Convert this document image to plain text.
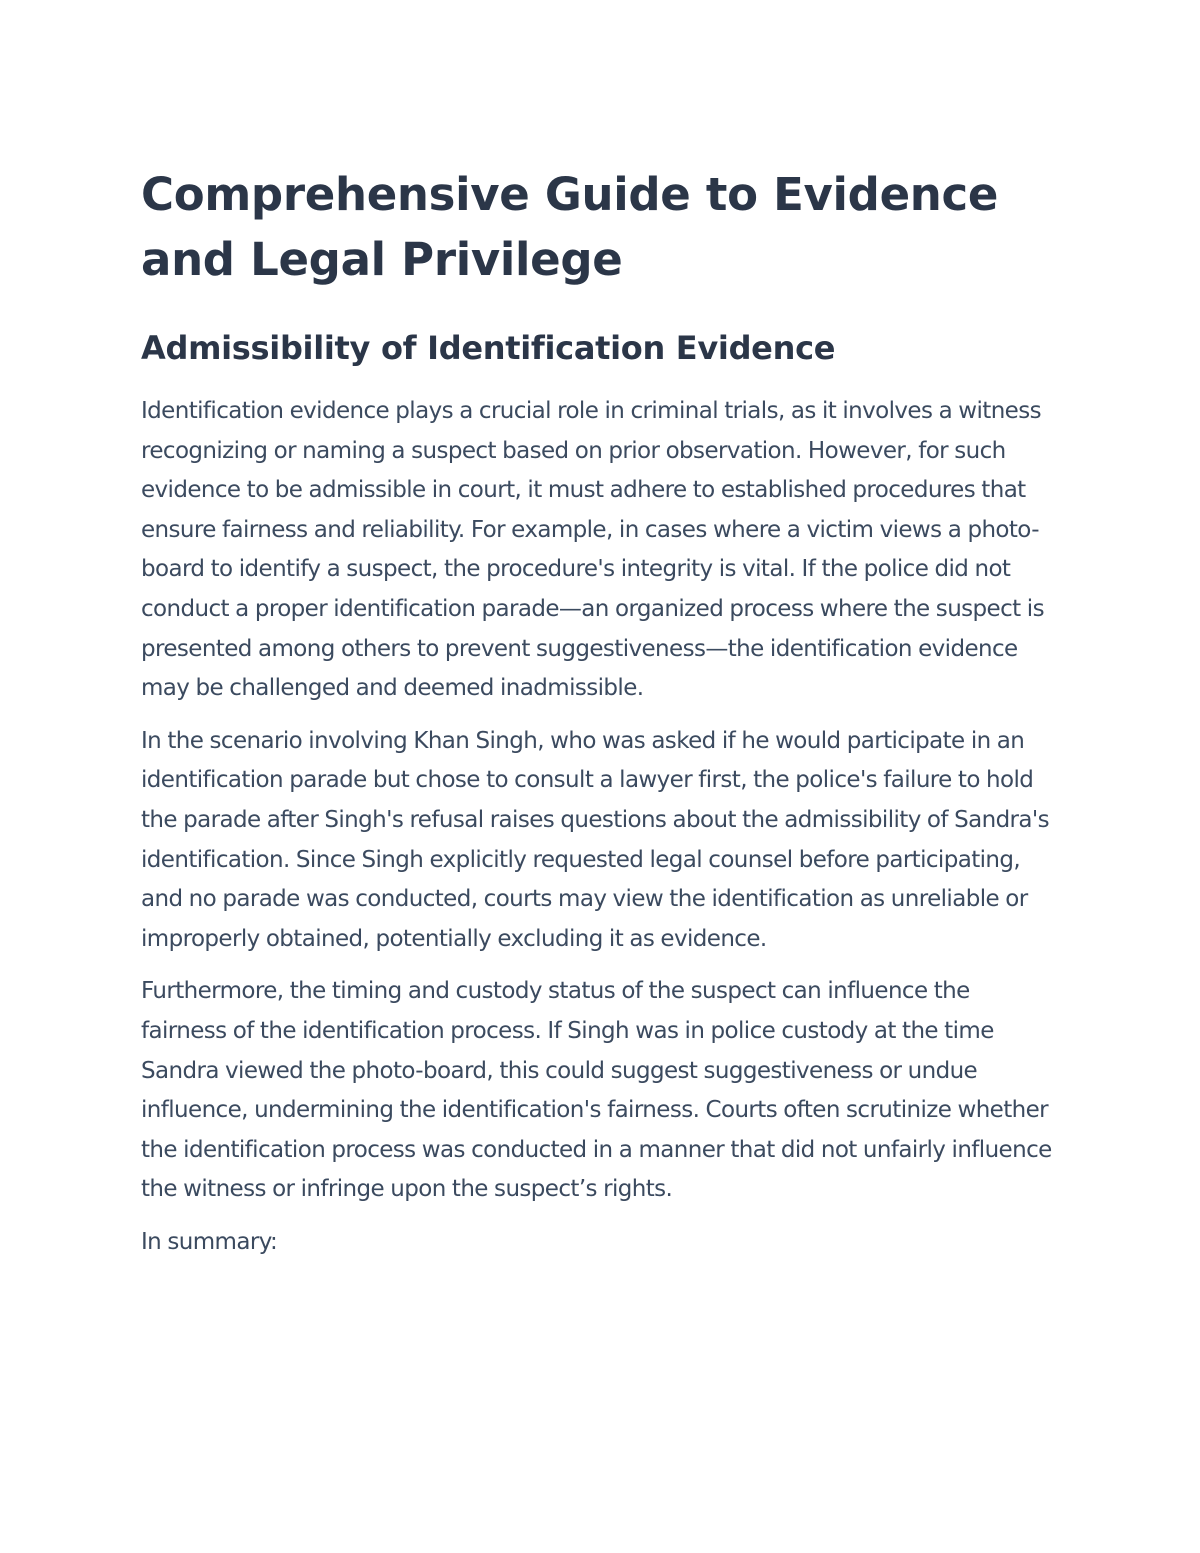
Comprehensive Guide to Evidence and Legal Privilege
Admissibility of Identification Evidence

Identification evidence plays a crucial role in criminal trials, as it involves a witness recognizing or naming a suspect based on prior observation. However, for such evidence to be admissible in court, it must adhere to established procedures that ensure fairness and reliability. For example, in cases where a victim views a photo-board to identify a suspect, the procedure's integrity is vital. If the police did not conduct a proper identification parade—an organized process where the suspect is presented among others to prevent suggestiveness—the identification evidence may be challenged and deemed inadmissible.

In the scenario involving Khan Singh, who was asked if he would participate in an identification parade but chose to consult a lawyer first, the police's failure to hold the parade after Singh's refusal raises questions about the admissibility of Sandra's identification. Since Singh explicitly requested legal counsel before participating, and no parade was conducted, courts may view the identification as unreliable or improperly obtained, potentially excluding it as evidence.

Furthermore, the timing and custody status of the suspect can influence the fairness of the identification process. If Singh was in police custody at the time Sandra viewed the photo-board, this could suggest suggestiveness or undue influence, undermining the identification's fairness. Courts often scrutinize whether the identification process was conducted in a manner that did not unfairly influence the witness or infringe upon the suspect’s rights.

In summary:
